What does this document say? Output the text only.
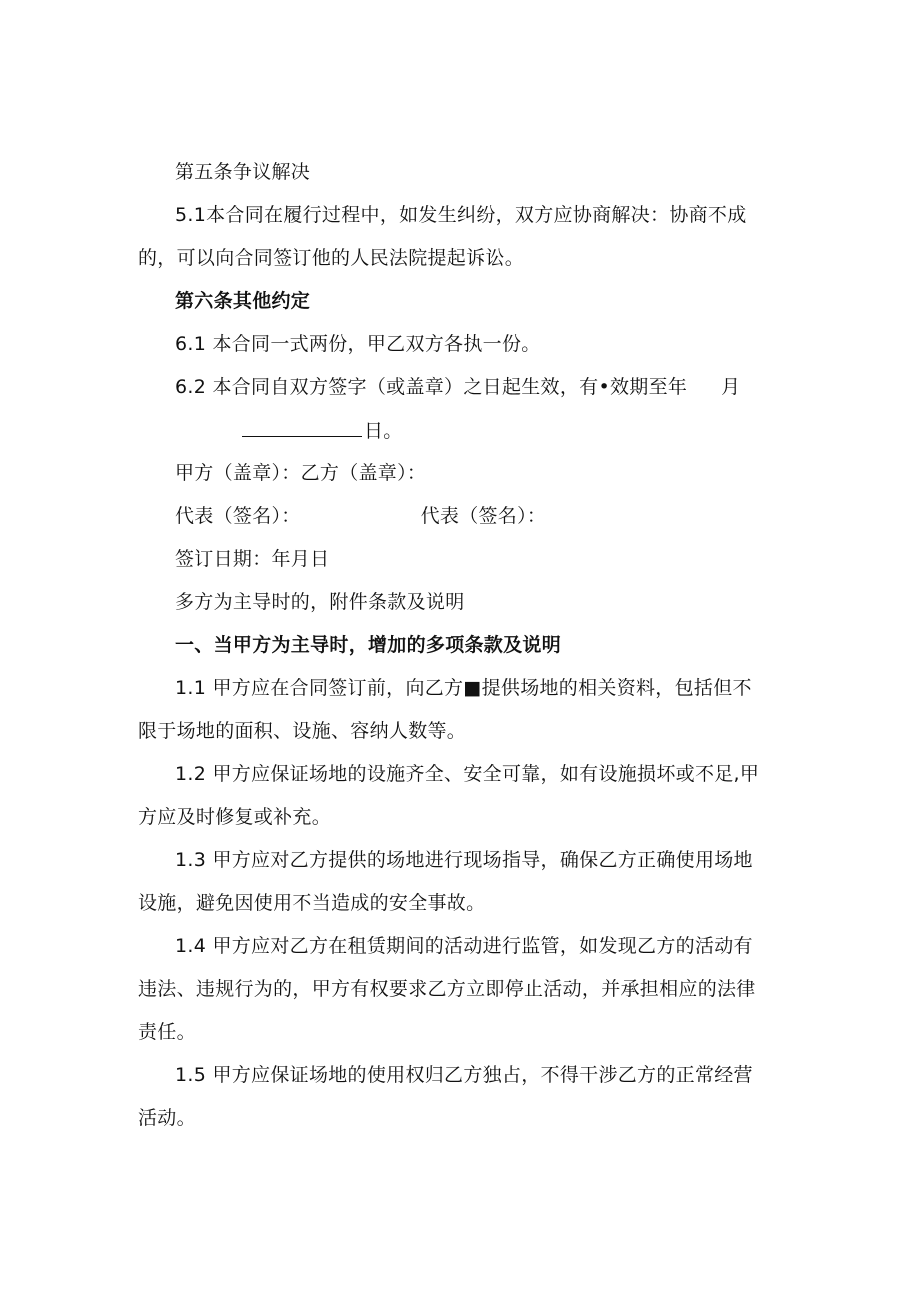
第五条争议解决
5.1本合同在履行过程中，如发生纠纷，双方应协商解决：协商不成
的，可以向合同签订他的人民法院提起诉讼。
第六条其他约定
6.1 本合同一式两份，甲乙双方各执一份。
6.2 本合同自双方签字（或盖章）之日起生效，有•效期至年 月
日。
甲方（盖章）：乙方（盖章）：
代表（签名）：	代表（签名）：
签订日期：年月日
多方为主导时的，附件条款及说明
一、当甲方为主导时，增加的多项条款及说明
1.1 甲方应在合同签订前，向乙方■提供场地的相关资料，包括但不
限于场地的面积、设施、容纳人数等。
1.2 甲方应保证场地的设施齐全、安全可靠，如有设施损坏或不足,甲
方应及时修复或补充。
1.3 甲方应对乙方提供的场地进行现场指导，确保乙方正确使用场地
设施，避免因使用不当造成的安全事故。
1.4 甲方应对乙方在租赁期间的活动进行监管，如发现乙方的活动有
违法、违规行为的，甲方有权要求乙方立即停止活动，并承担相应的法律
责任。
1.5 甲方应保证场地的使用权归乙方独占，不得干涉乙方的正常经营
活动。
